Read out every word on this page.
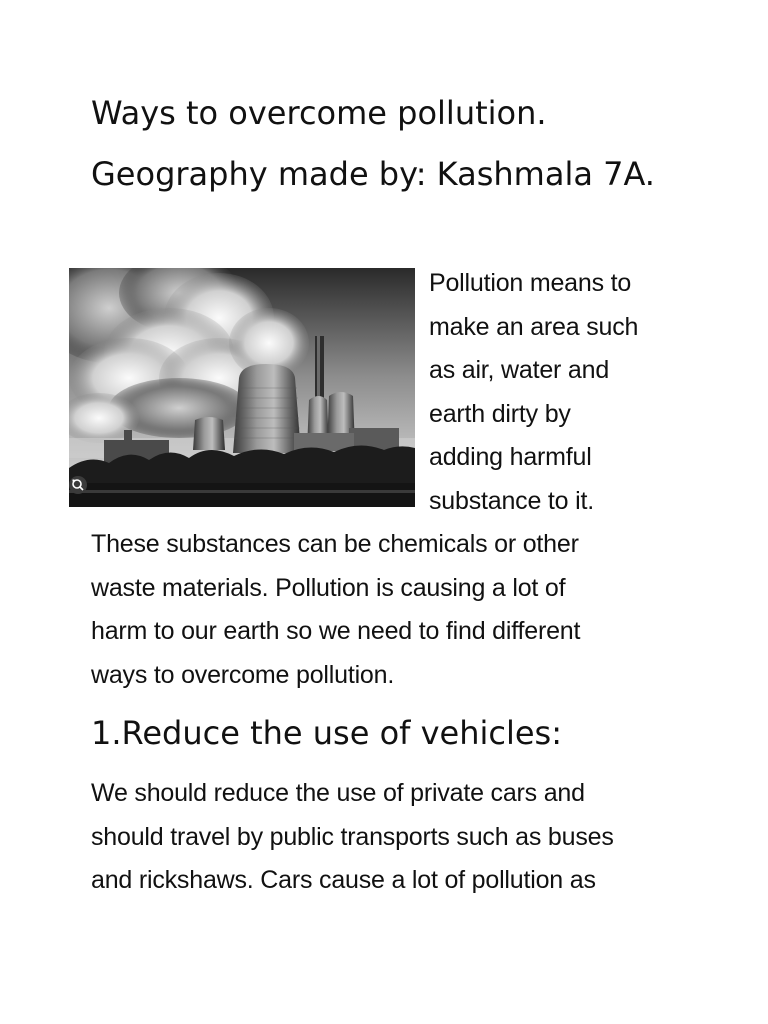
Ways to overcome pollution.
Geography made by: Kashmala 7A.

Pollution means to
make an area such
as air, water and
earth dirty by
adding harmful
substance to it.

These substances can be chemicals or other
waste materials. Pollution is causing a lot of
harm to our earth so we need to find different
ways to overcome pollution.

1.Reduce the use of vehicles:

We should reduce the use of private cars and
should travel by public transports such as buses
and rickshaws. Cars cause a lot of pollution as
